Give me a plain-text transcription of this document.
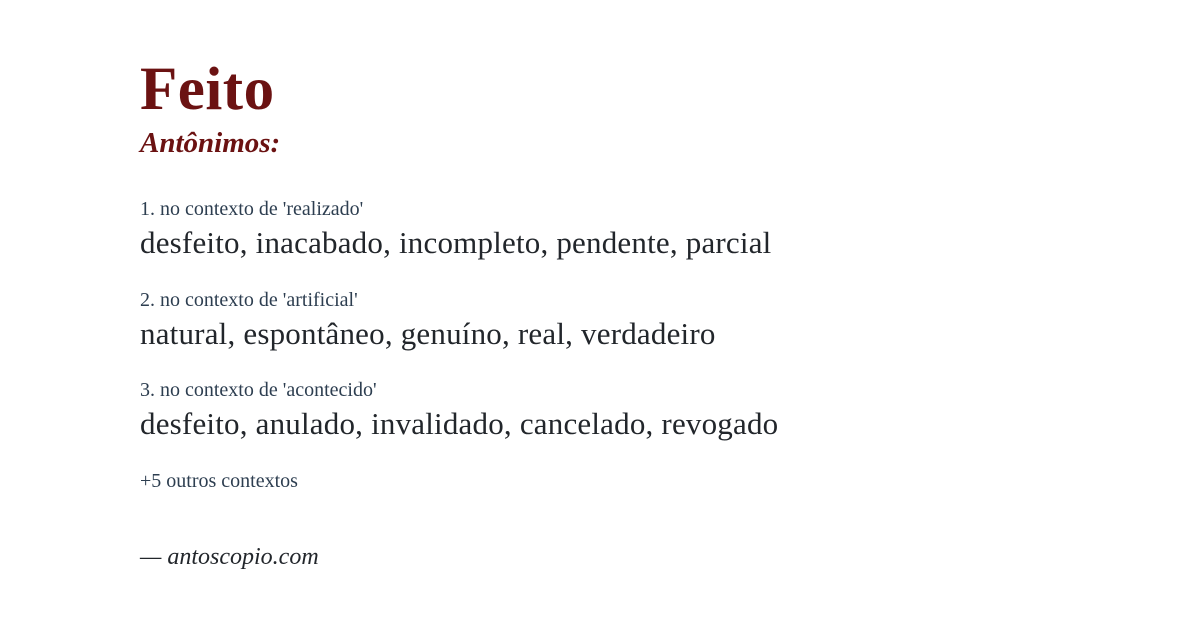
Feito
Antônimos:
1. no contexto de 'realizado'
desfeito, inacabado, incompleto, pendente, parcial
2. no contexto de 'artificial'
natural, espontâneo, genuíno, real, verdadeiro
3. no contexto de 'acontecido'
desfeito, anulado, invalidado, cancelado, revogado
+5 outros contextos
— antoscopio.com
